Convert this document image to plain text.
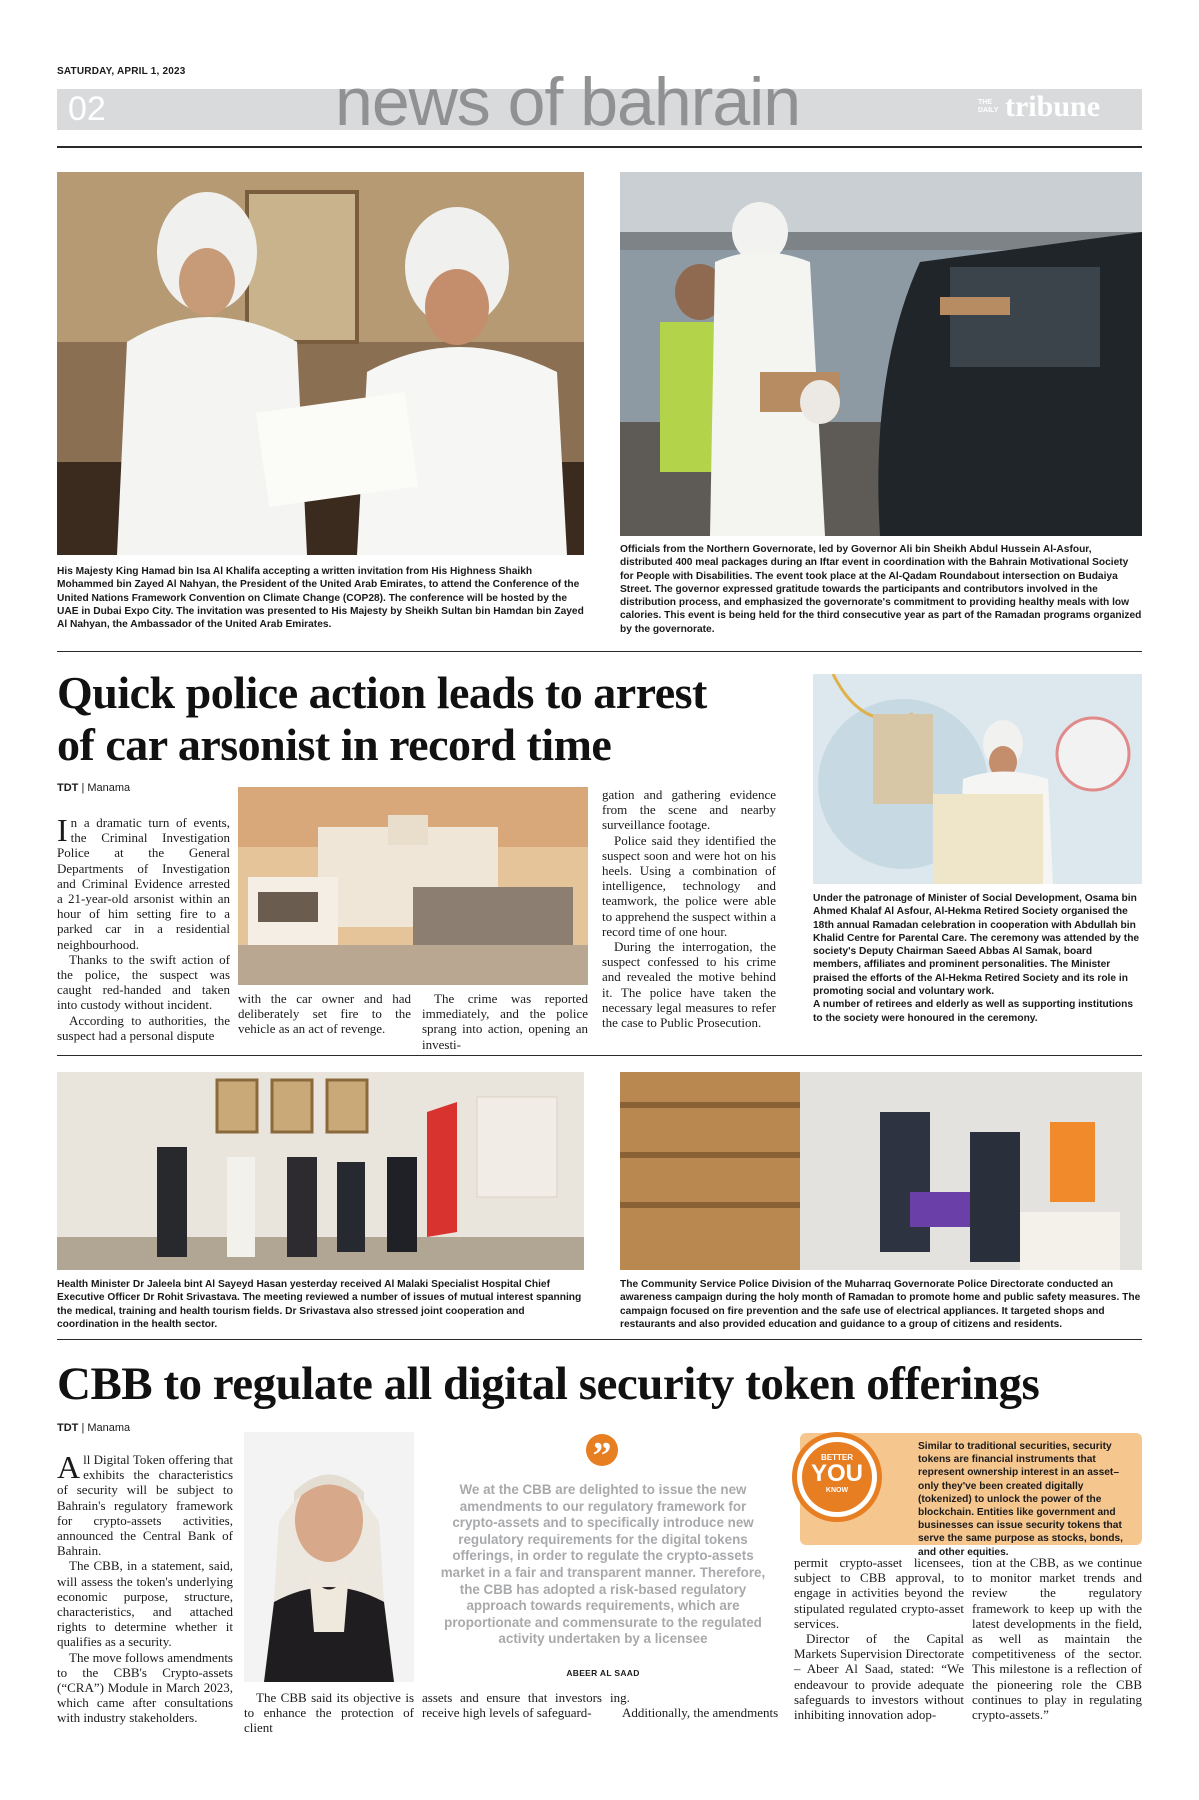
SATURDAY, APRIL 1, 2023
02	news of bahrain	THE DAILY tribune
His Majesty King Hamad bin Isa Al Khalifa accepting a written invitation from His Highness Shaikh Mohammed bin Zayed Al Nahyan, the President of the United Arab Emirates, to attend the Conference of the United Nations Framework Convention on Climate Change (COP28). The conference will be hosted by the UAE in Dubai Expo City. The invitation was presented to His Majesty by Sheikh Sultan bin Hamdan bin Zayed Al Nahyan, the Ambassador of the United Arab Emirates.
Officials from the Northern Governorate, led by Governor Ali bin Sheikh Abdul Hussein Al-Asfour, distributed 400 meal packages during an Iftar event in coordination with the Bahrain Motivational Society for People with Disabilities. The event took place at the Al-Qadam Roundabout intersection on Budaiya Street. The governor expressed gratitude towards the participants and contributors involved in the distribution process, and emphasized the governorate's commitment to providing healthy meals with low calories. This event is being held for the third consecutive year as part of the Ramadan programs organized by the governorate.
Quick police action leads to arrest
of car arsonist in record time
TDT | Manama

In a dramatic turn of events, the Criminal Investigation Police at the General Departments of Investigation and Criminal Evidence arrested a 21-year-old arsonist within an hour of him setting fire to a parked car in a residential neighbourhood.

Thanks to the swift action of the police, the suspect was caught red-handed and taken into custody without incident.

According to authorities, the suspect had a personal dispute

with the car owner and had deliberately set fire to the vehicle as an act of revenge.

The crime was reported immediately, and the police sprang into action, opening an investi-

gation and gathering evidence from the scene and nearby surveillance footage.

Police said they identified the suspect soon and were hot on his heels. Using a combination of intelligence, technology and teamwork, the police were able to apprehend the suspect within a record time of one hour.

During the interrogation, the suspect confessed to his crime and revealed the motive behind it. The police have taken the necessary legal measures to refer the case to Public Prosecution.

Under the patronage of Minister of Social Development, Osama bin Ahmed Khalaf Al Asfour, Al-Hekma Retired Society organised the 18th annual Ramadan celebration in cooperation with Abdullah bin Khalid Centre for Parental Care. The ceremony was attended by the society's Deputy Chairman Saeed Abbas Al Samak, board members, affiliates and prominent personalities. The Minister praised the efforts of the Al-Hekma Retired Society and its role in promoting social and voluntary work.
A number of retirees and elderly as well as supporting institutions to the society were honoured in the ceremony.
Health Minister Dr Jaleela bint Al Sayeyd Hasan yesterday received Al Malaki Specialist Hospital Chief Executive Officer Dr Rohit Srivastava. The meeting reviewed a number of issues of mutual interest spanning the medical, training and health tourism fields. Dr Srivastava also stressed joint cooperation and coordination in the health sector.
The Community Service Police Division of the Muharraq Governorate Police Directorate conducted an awareness campaign during the holy month of Ramadan to promote home and public safety measures. The campaign focused on fire prevention and the safe use of electrical appliances. It targeted shops and restaurants and also provided education and guidance to a group of citizens and residents.
CBB to regulate all digital security token offerings
TDT | Manama

All Digital Token offering that exhibits the characteristics of security will be subject to Bahrain's regulatory framework for crypto-assets activities, announced the Central Bank of Bahrain.

The CBB, in a statement, said, will assess the token's underlying economic purpose, structure, characteristics, and attached rights to determine whether it qualifies as a security.

The move follows amendments to the CBB's Crypto-assets (“CRA”) Module in March 2023, which came after consultations with industry stakeholders.

The CBB said its objective is to enhance the protection of client

assets and ensure that investors receive high levels of safeguard-

ing.

Additionally, the amendments

”
We at the CBB are delighted to issue the new amendments to our regulatory framework for crypto-assets and to specifically introduce new regulatory requirements for the digital tokens offerings, in order to regulate the crypto-assets market in a fair and transparent manner. Therefore, the CBB has adopted a risk-based regulatory approach towards requirements, which are proportionate and commensurate to the regulated activity undertaken by a licensee
ABEER AL SAAD
BETTER
YOU
KNOW
Similar to traditional securities, security tokens are financial instruments that represent ownership interest in an asset– only they've been created digitally (tokenized) to unlock the power of the blockchain. Entities like government and businesses can issue security tokens that serve the same purpose as stocks, bonds, and other equities.

permit crypto-asset licensees, subject to CBB approval, to engage in activities beyond the stipulated regulated crypto-asset services.

Director of the Capital Markets Supervision Directorate – Abeer Al Saad, stated: “We endeavour to provide adequate safeguards to investors without inhibiting innovation adop-

tion at the CBB, as we continue to monitor market trends and review the regulatory framework to keep up with the latest developments in the field, as well as maintain the competitiveness of the sector. This milestone is a reflection of the pioneering role the CBB continues to play in regulating crypto-assets.”
